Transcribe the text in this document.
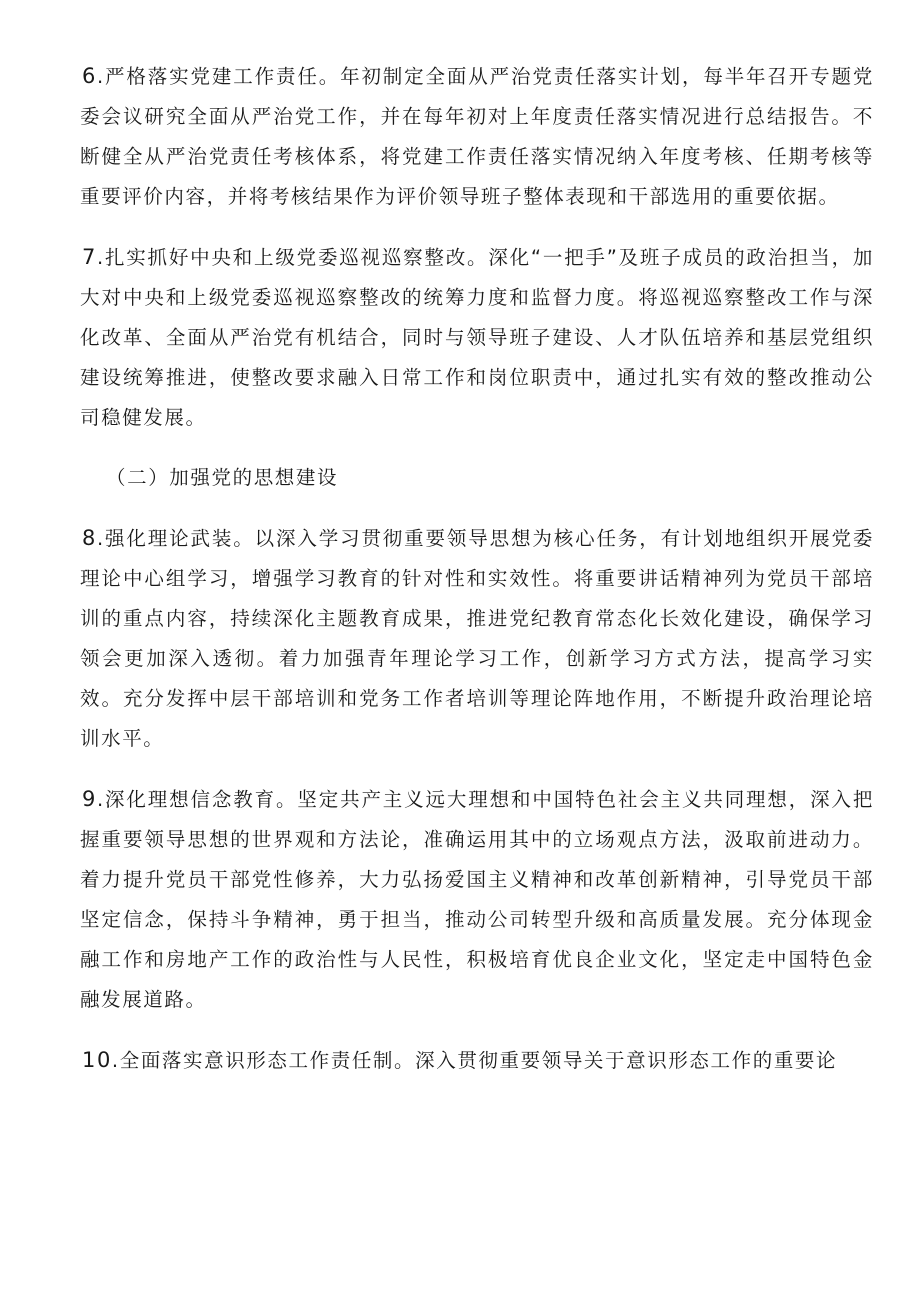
6.严格落实党建工作责任。年初制定全面从严治党责任落实计划，每半年召开专题党委会议研究全面从严治党工作，并在每年初对上年度责任落实情况进行总结报告。不断健全从严治党责任考核体系，将党建工作责任落实情况纳入年度考核、任期考核等重要评价内容，并将考核结果作为评价领导班子整体表现和干部选用的重要依据。

7.扎实抓好中央和上级党委巡视巡察整改。深化“一把手”及班子成员的政治担当，加大对中央和上级党委巡视巡察整改的统筹力度和监督力度。将巡视巡察整改工作与深化改革、全面从严治党有机结合，同时与领导班子建设、人才队伍培养和基层党组织建设统筹推进，使整改要求融入日常工作和岗位职责中，通过扎实有效的整改推动公司稳健发展。

（二）加强党的思想建设

8.强化理论武装。以深入学习贯彻重要领导思想为核心任务，有计划地组织开展党委理论中心组学习，增强学习教育的针对性和实效性。将重要讲话精神列为党员干部培训的重点内容，持续深化主题教育成果，推进党纪教育常态化长效化建设，确保学习领会更加深入透彻。着力加强青年理论学习工作，创新学习方式方法，提高学习实效。充分发挥中层干部培训和党务工作者培训等理论阵地作用，不断提升政治理论培训水平。

9.深化理想信念教育。坚定共产主义远大理想和中国特色社会主义共同理想，深入把握重要领导思想的世界观和方法论，准确运用其中的立场观点方法，汲取前进动力。着力提升党员干部党性修养，大力弘扬爱国主义精神和改革创新精神，引导党员干部坚定信念，保持斗争精神，勇于担当，推动公司转型升级和高质量发展。充分体现金融工作和房地产工作的政治性与人民性，积极培育优良企业文化，坚定走中国特色金融发展道路。

10.全面落实意识形态工作责任制。深入贯彻重要领导关于意识形态工作的重要论
